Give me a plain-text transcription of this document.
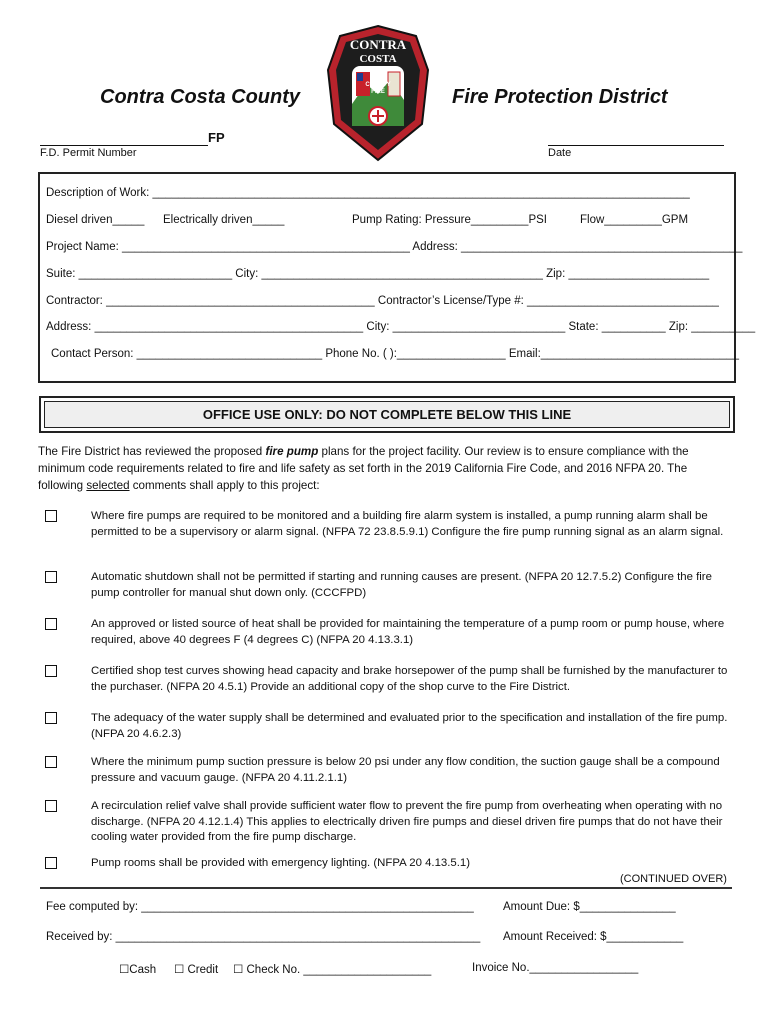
CONTRA
COSTA
COUNTY
FIRE
Contra Costa County	Fire Protection District
FP
F.D. Permit Number	Date
Description of Work: ____________________________________________________________________________________
Diesel driven_____ Electrically driven_____	Pump Rating: Pressure_________PSI	Flow_________GPM
Project Name: _____________________________________________ Address: ____________________________________________
Suite: ________________________ City: ____________________________________________ Zip: ______________________
Contractor: __________________________________________ Contractor’s License/Type #: ______________________________
Address: __________________________________________ City: ___________________________ State: __________ Zip: __________
Contact Person: _____________________________ Phone No. ( ):_________________ Email:_______________________________
OFFICE USE ONLY: DO NOT COMPLETE BELOW THIS LINE
The Fire District has reviewed the proposed fire pump plans for the project facility. Our review is to ensure compliance with the minimum code requirements related to fire and life safety as set forth in the 2019 California Fire Code, and 2016 NFPA 20. The following selected comments shall apply to this project:
Where fire pumps are required to be monitored and a building fire alarm system is installed, a pump running alarm shall be permitted to be a supervisory or alarm signal. (NFPA 72 23.8.5.9.1) Configure the fire pump running signal as an alarm signal.
Automatic shutdown shall not be permitted if starting and running causes are present. (NFPA 20 12.7.5.2) Configure the fire pump controller for manual shut down only. (CCCFPD)
An approved or listed source of heat shall be provided for maintaining the temperature of a pump room or pump house, where required, above 40 degrees F (4 degrees C) (NFPA 20 4.13.3.1)
Certified shop test curves showing head capacity and brake horsepower of the pump shall be furnished by the manufacturer to the purchaser. (NFPA 20 4.5.1) Provide an additional copy of the shop curve to the Fire District.
The adequacy of the water supply shall be determined and evaluated prior to the specification and installation of the fire pump. (NFPA 20 4.6.2.3)
Where the minimum pump suction pressure is below 20 psi under any flow condition, the suction gauge shall be a compound pressure and vacuum gauge. (NFPA 20 4.11.2.1.1)
A recirculation relief valve shall provide sufficient water flow to prevent the fire pump from overheating when operating with no discharge. (NFPA 20 4.12.1.4) This applies to electrically driven fire pumps and diesel driven fire pumps that do not have their cooling water provided from the fire pump discharge.
Pump rooms shall be provided with emergency lighting. (NFPA 20 4.13.5.1)
(CONTINUED OVER)
Fee computed by: ____________________________________________________	Amount Due: $_______________
Received by: _________________________________________________________ Amount Received: $____________
☐Cash ☐ Credit ☐ Check No. ____________________	Invoice No._________________
